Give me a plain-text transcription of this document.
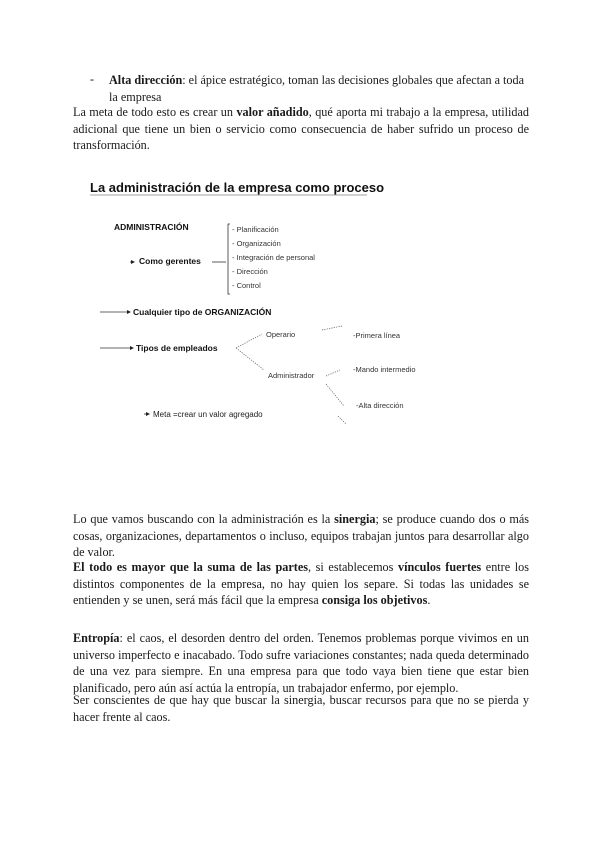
- Alta dirección: el ápice estratégico, toman las decisiones globales que afectan a toda la empresa
La meta de todo esto es crear un valor añadido, qué aporta mi trabajo a la empresa, utilidad adicional que tiene un bien o servicio como consecuencia de haber sufrido un proceso de transformación.
La administración de la empresa como proceso
ADMINISTRACIÓN
Como gerentes
- Planificación
- Organización
- Integración de personal
- Dirección
- Control
Cualquier tipo de ORGANIZACIÓN
Tipos de empleados
Operario
Administrador
-Primera línea
-Mando intermedio
-Alta dirección
Meta =crear un valor agregado
Lo que vamos buscando con la administración es la sinergia; se produce cuando dos o más cosas, organizaciones, departamentos o incluso, equipos trabajan juntos para desarrollar algo de valor.
El todo es mayor que la suma de las partes, si establecemos vínculos fuertes entre los distintos componentes de la empresa, no hay quien los separe. Si todas las unidades se entienden y se unen, será más fácil que la empresa consiga los objetivos.
Entropía: el caos, el desorden dentro del orden. Tenemos problemas porque vivimos en un universo imperfecto e inacabado. Todo sufre variaciones constantes; nada queda determinado de una vez para siempre. En una empresa para que todo vaya bien tiene que estar bien planificado, pero aún así actúa la entropía, un trabajador enfermo, por ejemplo.
Ser conscientes de que hay que buscar la sinergia, buscar recursos para que no se pierda y hacer frente al caos.
